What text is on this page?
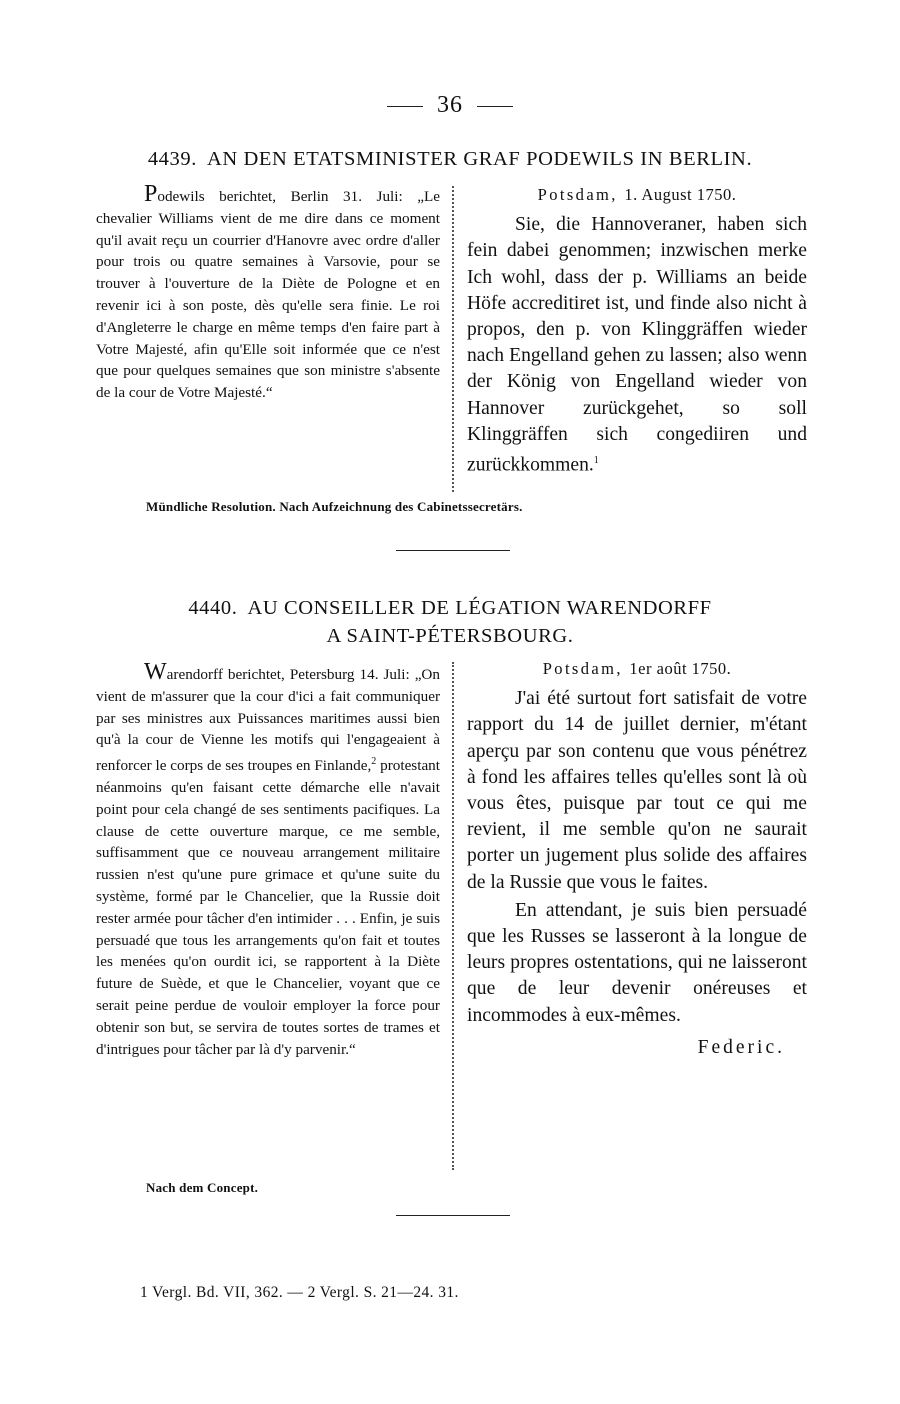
36
4439. AN DEN ETATSMINISTER GRAF PODEWILS IN BERLIN.

Podewils berichtet, Berlin 31. Juli: „Le chevalier Williams vient de me dire dans ce moment qu'il avait reçu un courrier d'Hanovre avec ordre d'aller pour trois ou quatre semaines à Varsovie, pour se trouver à l'ouverture de la Diète de Pologne et en revenir ici à son poste, dès qu'elle sera finie. Le roi d'Angleterre le charge en même temps d'en faire part à Votre Majesté, afin qu'Elle soit informée que ce n'est que pour quelques semaines que son ministre s'absente de la cour de Votre Majesté.“

Potsdam, 1. August 1750.

Sie, die Hannoveraner, haben sich fein dabei genommen; inzwischen merke Ich wohl, dass der p. Williams an beide Höfe accreditiret ist, und finde also nicht à propos, den p. von Klinggräffen wieder nach Engelland gehen zu lassen; also wenn der König von Engelland wieder von Hannover zurückgehet, so soll Klinggräffen sich congediiren und zurückkommen.$^1$

Mündliche Resolution. Nach Aufzeichnung des Cabinetssecretärs.
4440. AU CONSEILLER DE LÉGATION WARENDORFF
A SAINT-PÉTERSBOURG.

Warendorff berichtet, Petersburg 14. Juli: „On vient de m'assurer que la cour d'ici a fait communiquer par ses ministres aux Puissances maritimes aussi bien qu'à la cour de Vienne les motifs qui l'engageaient à renforcer le corps de ses troupes en Finlande,$^2$ protestant néanmoins qu'en faisant cette démarche elle n'avait point pour cela changé de ses sentiments pacifiques. La clause de cette ouverture marque, ce me semble, suffisamment que ce nouveau arrangement militaire russien n'est qu'une pure grimace et qu'une suite du système, formé par le Chancelier, que la Russie doit rester armée pour tâcher d'en intimider . . . Enfin, je suis persuadé que tous les arrangements qu'on fait et toutes les menées qu'on ourdit ici, se rapportent à la Diète future de Suède, et que le Chancelier, voyant que ce serait peine perdue de vouloir employer la force pour obtenir son but, se servira de toutes sortes de trames et d'intrigues pour tâcher par là d'y parvenir.“

Potsdam, 1er août 1750.

J'ai été surtout fort satisfait de votre rapport du 14 de juillet dernier, m'étant aperçu par son contenu que vous pénétrez à fond les affaires telles qu'elles sont là où vous êtes, puisque par tout ce qui me revient, il me semble qu'on ne saurait porter un jugement plus solide des affaires de la Russie que vous le faites.

En attendant, je suis bien persuadé que les Russes se lasseront à la longue de leurs propres ostentations, qui ne laisseront que de leur devenir onéreuses et incommodes à eux-mêmes.

Federic.
Nach dem Concept.
1 Vergl. Bd. VII, 362. — 2 Vergl. S. 21—24. 31.
